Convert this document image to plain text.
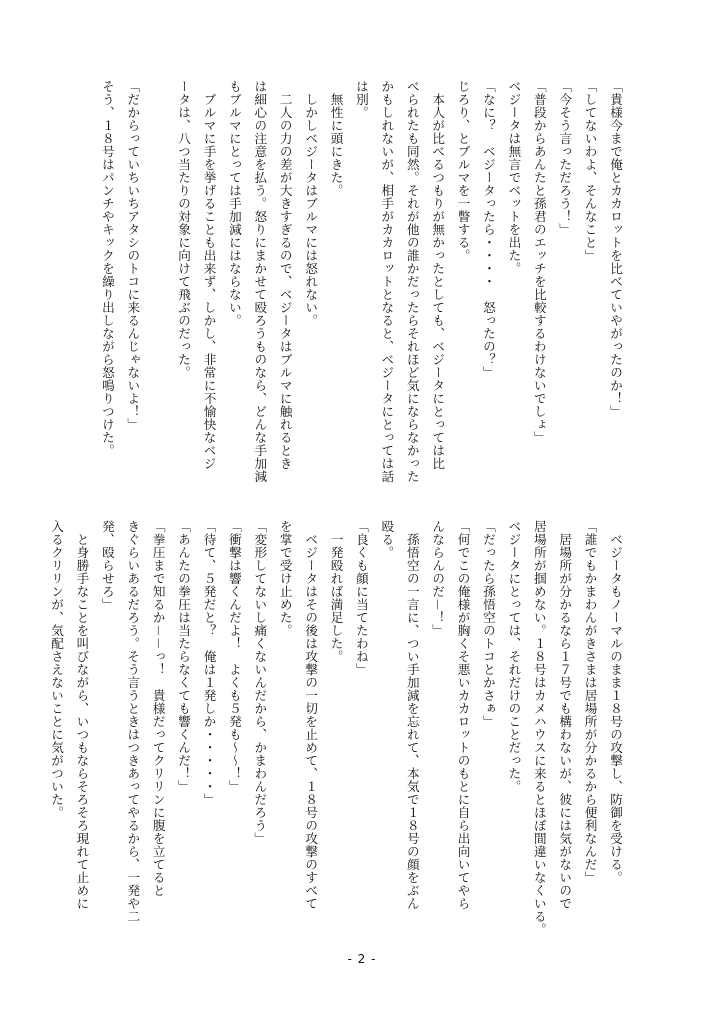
「貴様今まで俺とカカロットを比べていやがったのか！」

「してないわよ、そんなこと」

「今そう言っただろう！」

「普段からあんたと孫君のエッチを比較するわけないでしょ」

ベジータは無言でベットを出た。

「なに？　ベジータったら・・・・　怒ったの？」

じろり、とブルマを一瞥する。

本人が比べるつもりが無かったとしても、ベジータにとっては比

べられたも同然。それが他の誰かだったらそれほど気にならなかった

かもしれないが、相手がカカロットとなると、ベジータにとっては話

は別。

無性に頭にきた。

しかしベジータはブルマには怒れない。

二人の力の差が大きすぎるので、ベジータはブルマに触れるとき

は細心の注意を払う。怒りにまかせて殴ろうものなら、どんな手加減

もブルマにとっては手加減にはならない。

ブルマに手を挙げることも出来ず、しかし、非常に不愉快なベジ

ータは、八つ当たりの対象に向けて飛ぶのだった。

「だからっていちいちアタシのトコに来るんじゃないよ！」

そう、１８号はパンチやキックを繰り出しながら怒鳴りつけた。

ベジータもノーマルのまま１８号の攻撃し、防御を受ける。

「誰でもかまわんがきさまは居場所が分かるから便利なんだ」

居場所が分かるなら１７号でも構わないが、彼には気がないので

居場所が掴めない。１８号はカメハウスに来るとほぼ間違いなくいる。

ベジータにとっては、それだけのことだった。

「だったら孫悟空のトコとかさぁ」

「何でこの俺様が胸くそ悪いカカロットのもとに自ら出向いてやら

んならんのだ－！」

孫悟空の一言に、つい手加減を忘れて、本気で１８号の顔をぶん

殴る。

「良くも顔に当てたわね」

一発殴れば満足した。

ベジータはその後は攻撃の一切を止めて、１８号の攻撃のすべて

を掌で受け止めた。

「変形してないし痛くないんだから、かまわんだろう」

「衝撃は響くんだよ！　よくも５発も～～！」

「待て、５発だと？　俺は１発しか・・・・・」

「あんたの拳圧は当たらなくても響くんだ！」

「拳圧まで知るか－－っ！　貴様だってクリリンに腹を立てると

きぐらいあるだろう。そう言うときはつきあってやるから、一発や二

発、殴らせろ」

と身勝手なことを叫びながら、いつもならそろそろ現れて止めに

入るクリリンが、気配さえないことに気がついた。

- 2 -
